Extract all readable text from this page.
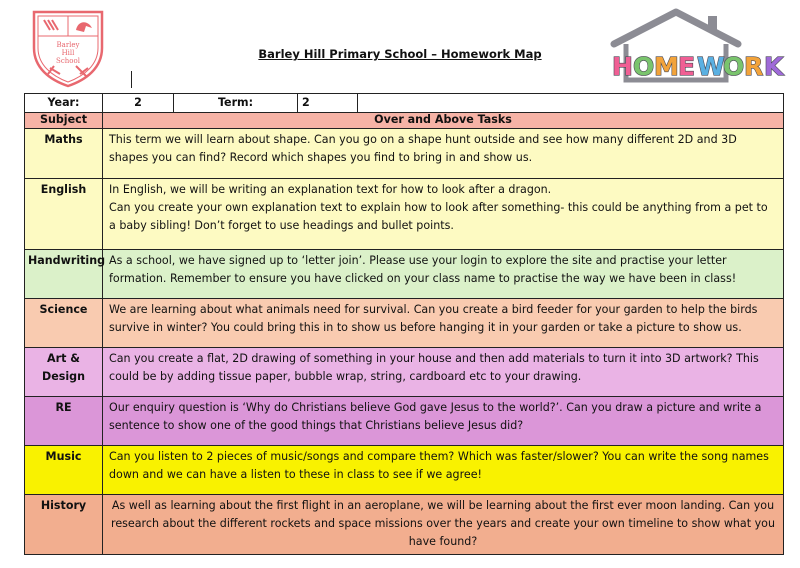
Barley
Hill
School	Barley Hill Primary School – Homework Map	H O M E W
O R K
Year:	2	Term:	2	
Subject	Over and Above Tasks			
Maths	This term we will learn about shape. Can you go on a shape hunt outside and see how many different 2D and 3D shapes you can find? Record which shapes you find to bring in and show us.			

English	In English, we will be writing an explanation text for how to look after a dragon.

Can you create your own explanation text to explain how to look after something- this could be anything from a pet to a baby sibling! Don’t forget to use headings and bullet points.			

Handwriting	As a school, we have signed up to ‘letter join’. Please use your login to explore the site and practise your letter formation. Remember to ensure you have clicked on your class name to practise the way we have been in class!			

Science	We are learning about what animals need for survival. Can you create a bird feeder for your garden to help the birds survive in winter? You could bring this in to show us before hanging it in your garden or take a picture to show us.			

Art & Design	Can you create a flat, 2D drawing of something in your house and then add materials to turn it into 3D artwork? This could be by adding tissue paper, bubble wrap, string, cardboard etc to your drawing.			

RE	Our enquiry question is ‘Why do Christians believe God gave Jesus to the world?’. Can you draw a picture and write a sentence to show one of the good things that Christians believe Jesus did?			

Music	Can you listen to 2 pieces of music/songs and compare them? Which was faster/slower? You can write the song names down and we can have a listen to these in class to see if we agree!			

History	As well as learning about the first flight in an aeroplane, we will be learning about the first ever moon landing. Can you research about the different rockets and space missions over the years and create your own timeline to show what you have found?			
